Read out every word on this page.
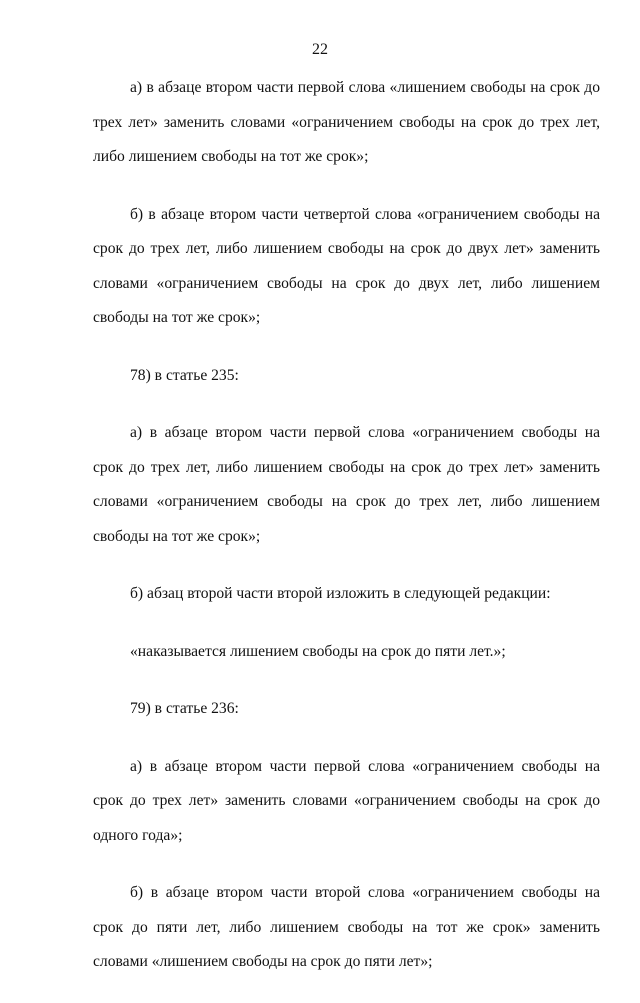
22

а) в абзаце втором части первой слова «лишением свободы на срок до трех лет» заменить словами «ограничением свободы на срок до трех лет, либо лишением свободы на тот же срок»;

б) в абзаце втором части четвертой слова «ограничением свободы на срок до трех лет, либо лишением свободы на срок до двух лет» заменить словами «ограничением свободы на срок до двух лет, либо лишением свободы на тот же срок»;

78) в статье 235:

а) в абзаце втором части первой слова «ограничением свободы на срок до трех лет, либо лишением свободы на срок до трех лет» заменить словами «ограничением свободы на срок до трех лет, либо лишением свободы на тот же срок»;

б) абзац второй части второй изложить в следующей редакции:

«наказывается лишением свободы на срок до пяти лет.»;

79) в статье 236:

а) в абзаце втором части первой слова «ограничением свободы на срок до трех лет» заменить словами «ограничением свободы на срок до одного года»;

б) в абзаце втором части второй слова «ограничением свободы на срок до пяти лет, либо лишением свободы на тот же срок» заменить словами «лишением свободы на срок до пяти лет»;
